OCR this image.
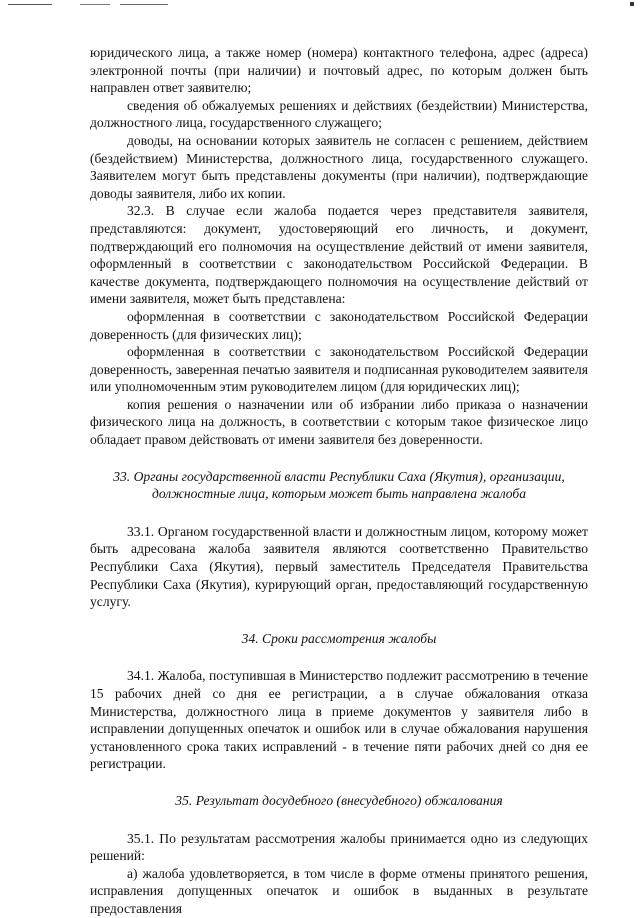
юридического лица, а также номер (номера) контактного телефона, адрес (адреса) электронной почты (при наличии) и почтовый адрес, по которым должен быть направлен ответ заявителю;

сведения об обжалуемых решениях и действиях (бездействии) Министерства, должностного лица, государственного служащего;

доводы, на основании которых заявитель не согласен с решением, действием (бездействием) Министерства, должностного лица, государственного служащего. Заявителем могут быть представлены документы (при наличии), подтверждающие доводы заявителя, либо их копии.

32.3. В случае если жалоба подается через представителя заявителя, представляются: документ, удостоверяющий его личность, и документ, подтверждающий его полномочия на осуществление действий от имени заявителя, оформленный в соответствии с законодательством Российской Федерации. В качестве документа, подтверждающего полномочия на осуществление действий от имени заявителя, может быть представлена:

оформленная в соответствии с законодательством Российской Федерации доверенность (для физических лиц);

оформленная в соответствии с законодательством Российской Федерации доверенность, заверенная печатью заявителя и подписанная руководителем заявителя или уполномоченным этим руководителем лицом (для юридических лиц);

копия решения о назначении или об избрании либо приказа о назначении физического лица на должность, в соответствии с которым такое физическое лицо обладает правом действовать от имени заявителя без доверенности.

33. Органы государственной власти Республики Саха (Якутия), организации,
должностные лица, которым может быть направлена жалоба

33.1. Органом государственной власти и должностным лицом, которому может быть адресована жалоба заявителя являются соответственно Правительство Республики Саха (Якутия), первый заместитель Председателя Правительства Республики Саха (Якутия), курирующий орган, предоставляющий государственную услугу.

34. Сроки рассмотрения жалобы

34.1. Жалоба, поступившая в Министерство подлежит рассмотрению в течение 15 рабочих дней со дня ее регистрации, а в случае обжалования отказа Министерства, должностного лица в приеме документов у заявителя либо в исправлении допущенных опечаток и ошибок или в случае обжалования нарушения установленного срока таких исправлений - в течение пяти рабочих дней со дня ее регистрации.

35. Результат досудебного (внесудебного) обжалования

35.1. По результатам рассмотрения жалобы принимается одно из следующих решений:

а) жалоба удовлетворяется, в том числе в форме отмены принятого решения, исправления допущенных опечаток и ошибок в выданных в результате предоставления
